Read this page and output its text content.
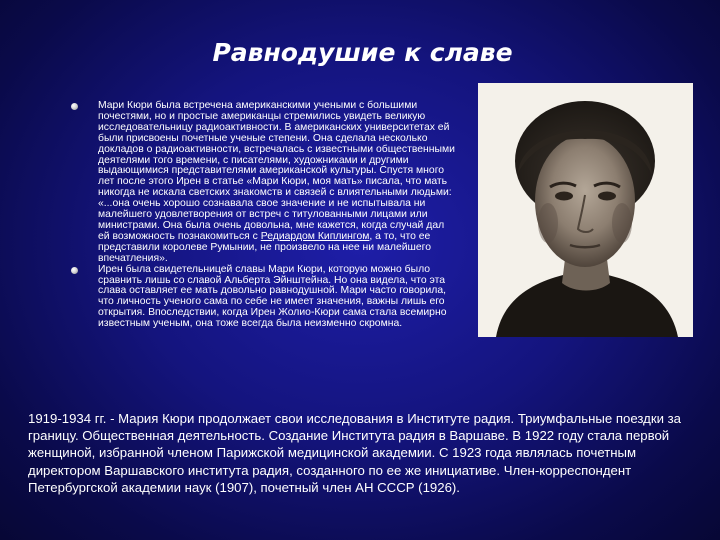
Равнодушие к славе
Мари Кюри была встречена американскими учеными с большими почестями, но и простые американцы стремились увидеть великую исследовательницу радиоактивности. В американских университетах ей были присвоены почетные ученые степени. Она сделала несколько докладов о радиоактивности, встречалась с известными общественными деятелями того времени, с писателями, художниками и другими выдающимися представителями американской культуры. Спустя много лет после этого Ирен в статье «Мари Кюри, моя мать» писала, что мать никогда не искала светских знакомств и связей с влиятельными людьми: «...она очень хорошо сознавала свое значение и не испытывала ни малейшего удовлетворения от встреч с титулованными лицами или министрами. Она была очень довольна, мне кажется, когда случай дал ей возможность познакомиться с Редиардом Киплингом, а то, что ее представили королеве Румынии, не произвело на нее ни малейшего впечатления».
Ирен была свидетельницей славы Мари Кюри, которую можно было сравнить лишь со славой Альберта Эйнштейна. Но она видела, что эта слава оставляет ее мать довольно равнодушной. Мари часто говорила, что личность ученого сама по себе не имеет значения, важны лишь его открытия. Впоследствии, когда Ирен Жолио-Кюри сама стала всемирно известным ученым, она тоже всегда была неизменно скромна.

1919-1934 гг. - Мария Кюри продолжает свои исследования в Институте радия. Триумфальные поездки за границу. Общественная деятельность. Создание Института радия в Варшаве. В 1922 году стала первой женщиной, избранной членом Парижской медицинской академии. С 1923 года являлась почетным директором Варшавского института радия, созданного по ее же инициативе. Член-корреспондент Петербургской академии наук (1907), почетный член АН СССР (1926).
